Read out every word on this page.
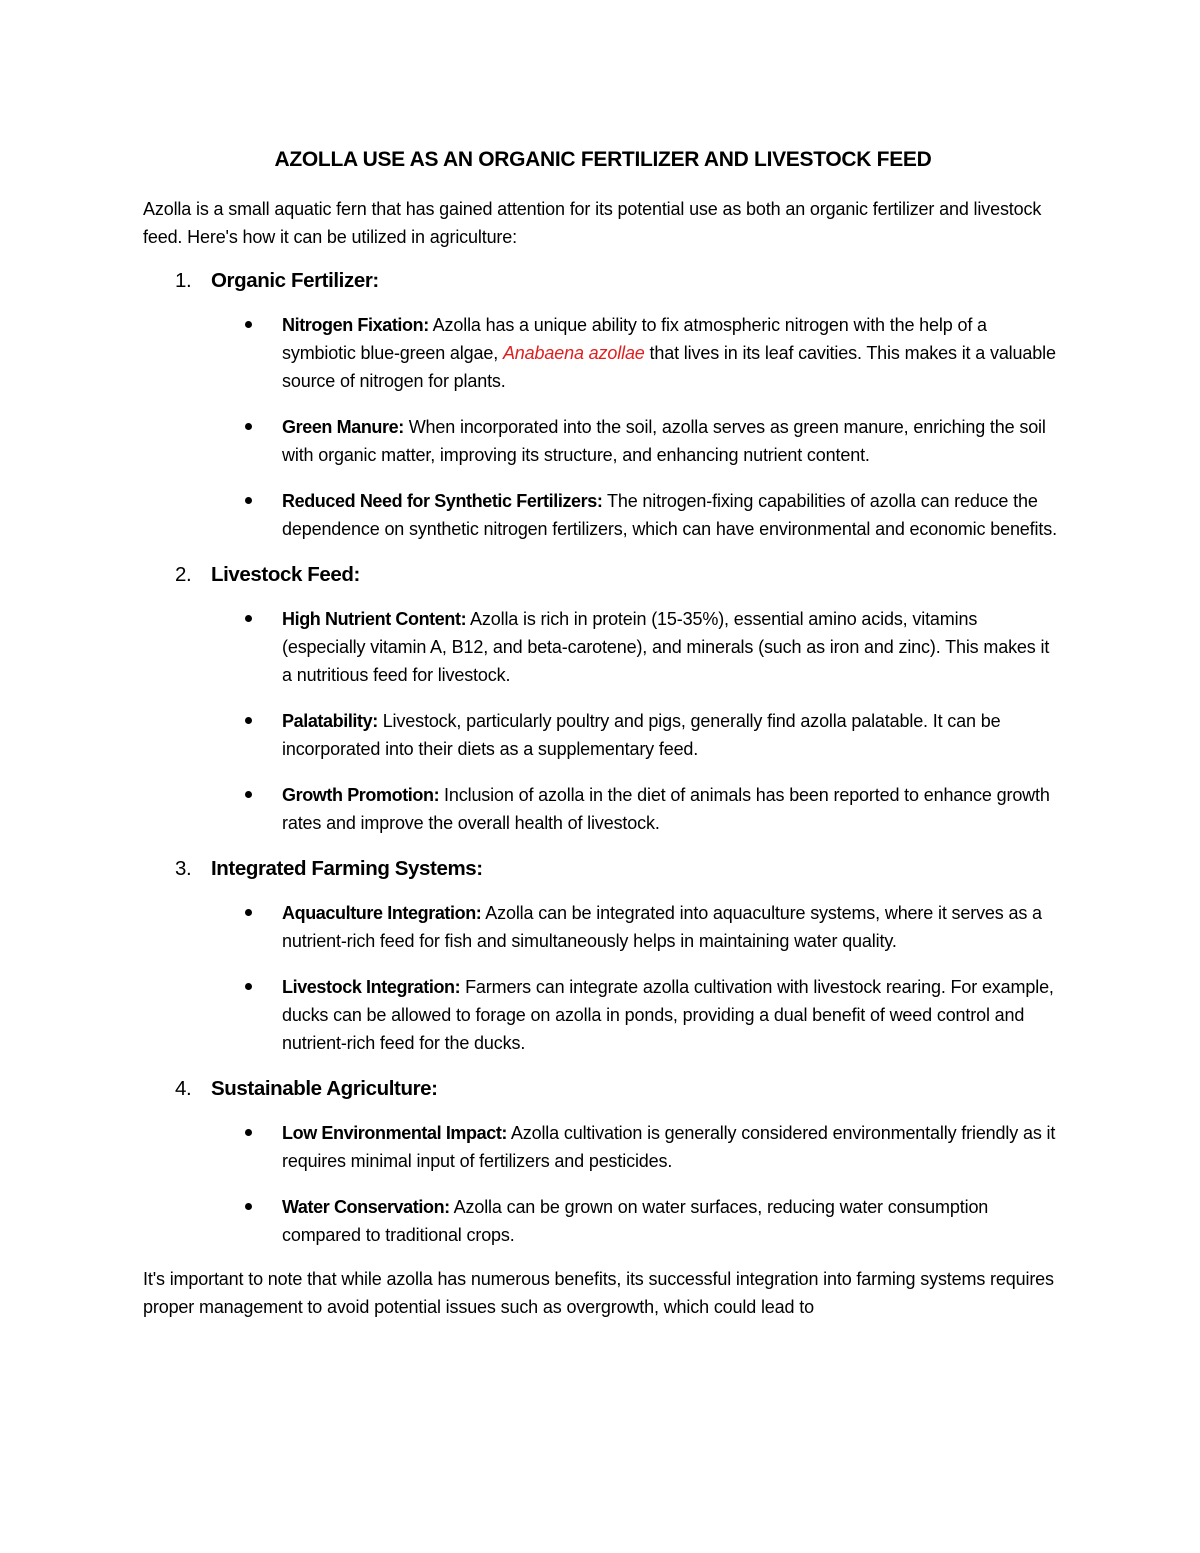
AZOLLA USE AS AN ORGANIC FERTILIZER AND LIVESTOCK FEED

Azolla is a small aquatic fern that has gained attention for its potential use as both an organic fertilizer and livestock feed. Here's how it can be utilized in agriculture:

1. Organic Fertilizer:
Nitrogen Fixation: Azolla has a unique ability to fix atmospheric nitrogen with the help of a symbiotic blue-green algae, Anabaena azollae that lives in its leaf cavities. This makes it a valuable source of nitrogen for plants.
Green Manure: When incorporated into the soil, azolla serves as green manure, enriching the soil with organic matter, improving its structure, and enhancing nutrient content.
Reduced Need for Synthetic Fertilizers: The nitrogen-fixing capabilities of azolla can reduce the dependence on synthetic nitrogen fertilizers, which can have environmental and economic benefits.
2. Livestock Feed:
High Nutrient Content: Azolla is rich in protein (15-35%), essential amino acids, vitamins (especially vitamin A, B12, and beta-carotene), and minerals (such as iron and zinc). This makes it a nutritious feed for livestock.
Palatability: Livestock, particularly poultry and pigs, generally find azolla palatable. It can be incorporated into their diets as a supplementary feed.
Growth Promotion: Inclusion of azolla in the diet of animals has been reported to enhance growth rates and improve the overall health of livestock.
3. Integrated Farming Systems:
Aquaculture Integration: Azolla can be integrated into aquaculture systems, where it serves as a nutrient-rich feed for fish and simultaneously helps in maintaining water quality.
Livestock Integration: Farmers can integrate azolla cultivation with livestock rearing. For example, ducks can be allowed to forage on azolla in ponds, providing a dual benefit of weed control and nutrient-rich feed for the ducks.
4. Sustainable Agriculture:
Low Environmental Impact: Azolla cultivation is generally considered environmentally friendly as it requires minimal input of fertilizers and pesticides.
Water Conservation: Azolla can be grown on water surfaces, reducing water consumption compared to traditional crops.

It's important to note that while azolla has numerous benefits, its successful integration into farming systems requires proper management to avoid potential issues such as overgrowth, which could lead to
